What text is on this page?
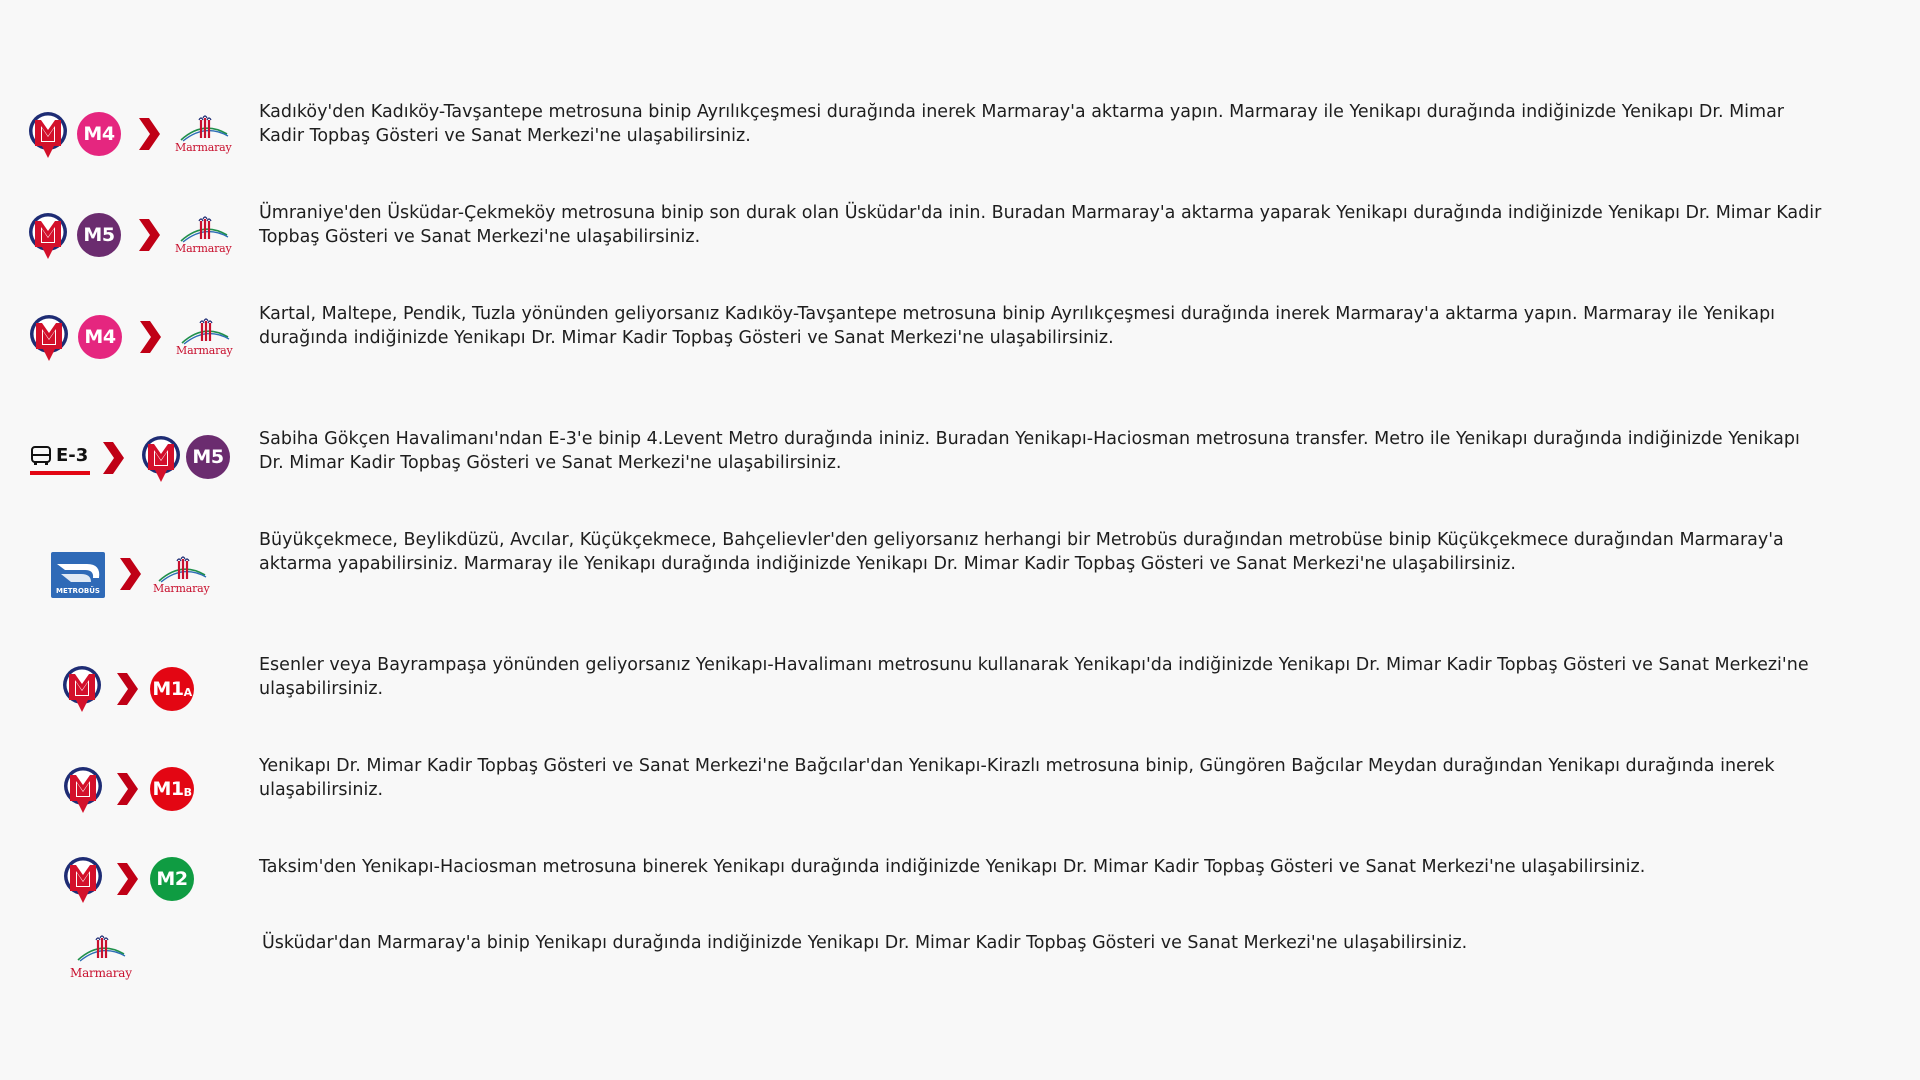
M4
Marmaray

Kadıköy'den Kadıköy-Tavşantepe metrosuna binip Ayrılıkçeşmesi durağında inerek Marmaray'a aktarma yapın. Marmaray ile Yenikapı durağında indiğinizde Yenikapı Dr. Mimar Kadir Topbaş Gösteri ve Sanat Merkezi'ne ulaşabilirsiniz.

M5
Marmaray

Ümraniye'den Üsküdar-Çekmeköy metrosuna binip son durak olan Üsküdar'da inin. Buradan Marmaray'a aktarma yaparak Yenikapı durağında indiğinizde Yenikapı Dr. Mimar Kadir Topbaş Gösteri ve Sanat Merkezi'ne ulaşabilirsiniz.

M4
Marmaray

Kartal, Maltepe, Pendik, Tuzla yönünden geliyorsanız Kadıköy-Tavşantepe metrosuna binip Ayrılıkçeşmesi durağında inerek Marmaray'a aktarma yapın. Marmaray ile Yenikapı durağında indiğinizde Yenikapı Dr. Mimar Kadir Topbaş Gösteri ve Sanat Merkezi'ne ulaşabilirsiniz.

E-3	M5

Sabiha Gökçen Havalimanı'ndan E-3'e binip 4.Levent Metro durağında ininiz. Buradan Yenikapı-Haciosman metrosuna transfer. Metro ile Yenikapı durağında indiğinizde Yenikapı Dr. Mimar Kadir Topbaş Gösteri ve Sanat Merkezi'ne ulaşabilirsiniz.

METROBÜS	Marmaray

Büyükçekmece, Beylikdüzü, Avcılar, Küçükçekmece, Bahçelievler'den geliyorsanız herhangi bir Metrobüs durağından metrobüse binip Küçükçekmece durağından Marmaray'a aktarma yapabilirsiniz. Marmaray ile Yenikapı durağında indiğinizde Yenikapı Dr. Mimar Kadir Topbaş Gösteri ve Sanat Merkezi'ne ulaşabilirsiniz.

M1 A

Esenler veya Bayrampaşa yönünden geliyorsanız Yenikapı-Havalimanı metrosunu kullanarak Yenikapı'da indiğinizde Yenikapı Dr. Mimar Kadir Topbaş Gösteri ve Sanat Merkezi'ne ulaşabilirsiniz.

M1 B

Yenikapı Dr. Mimar Kadir Topbaş Gösteri ve Sanat Merkezi'ne Bağcılar'dan Yenikapı-Kirazlı metrosuna binip, Güngören Bağcılar Meydan durağından Yenikapı durağında inerek ulaşabilirsiniz.

M2

Taksim'den Yenikapı-Haciosman metrosuna binerek Yenikapı durağında indiğinizde Yenikapı Dr. Mimar Kadir Topbaş Gösteri ve Sanat Merkezi'ne ulaşabilirsiniz.

Marmaray

Üsküdar'dan Marmaray'a binip Yenikapı durağında indiğinizde Yenikapı Dr. Mimar Kadir Topbaş Gösteri ve Sanat Merkezi'ne ulaşabilirsiniz.
